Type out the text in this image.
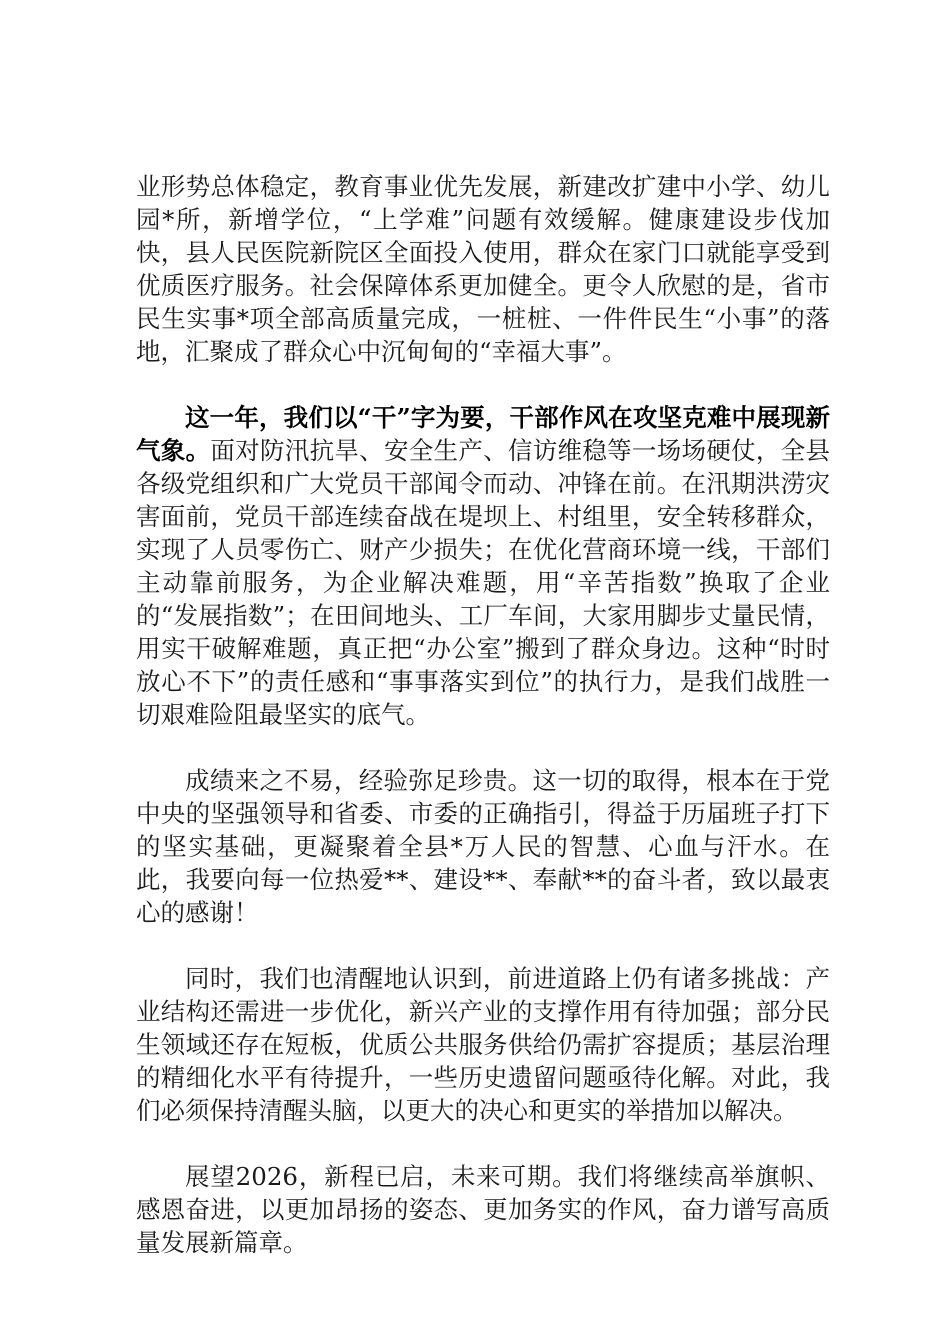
业形势总体稳定，教育事业优先发展，新建改扩建中小学、幼儿园*所，新增学位，“上学难”问题有效缓解。健康建设步伐加快，县人民医院新院区全面投入使用，群众在家门口就能享受到优质医疗服务。社会保障体系更加健全。更令人欣慰的是，省市民生实事*项全部高质量完成，一桩桩、一件件民生“小事”的落地，汇聚成了群众心中沉甸甸的“幸福大事”。

这一年，我们以“干”字为要，干部作风在攻坚克难中展现新气象。面对防汛抗旱、安全生产、信访维稳等一场场硬仗，全县各级党组织和广大党员干部闻令而动、冲锋在前。在汛期洪涝灾害面前，党员干部连续奋战在堤坝上、村组里，安全转移群众，实现了人员零伤亡、财产少损失；在优化营商环境一线，干部们主动靠前服务，为企业解决难题，用“辛苦指数”换取了企业的“发展指数”；在田间地头、工厂车间，大家用脚步丈量民情，用实干破解难题，真正把“办公室”搬到了群众身边。这种“时时放心不下”的责任感和“事事落实到位”的执行力，是我们战胜一切艰难险阻最坚实的底气。

成绩来之不易，经验弥足珍贵。这一切的取得，根本在于党中央的坚强领导和省委、市委的正确指引，得益于历届班子打下的坚实基础，更凝聚着全县*万人民的智慧、心血与汗水。在此，我要向每一位热爱**、建设**、奉献**的奋斗者，致以最衷心的感谢！

同时，我们也清醒地认识到，前进道路上仍有诸多挑战：产业结构还需进一步优化，新兴产业的支撑作用有待加强；部分民生领域还存在短板，优质公共服务供给仍需扩容提质；基层治理的精细化水平有待提升，一些历史遗留问题亟待化解。对此，我们必须保持清醒头脑，以更大的决心和更实的举措加以解决。

展望2026，新程已启，未来可期。我们将继续高举旗帜、感恩奋进，以更加昂扬的姿态、更加务实的作风，奋力谱写高质量发展新篇章。
